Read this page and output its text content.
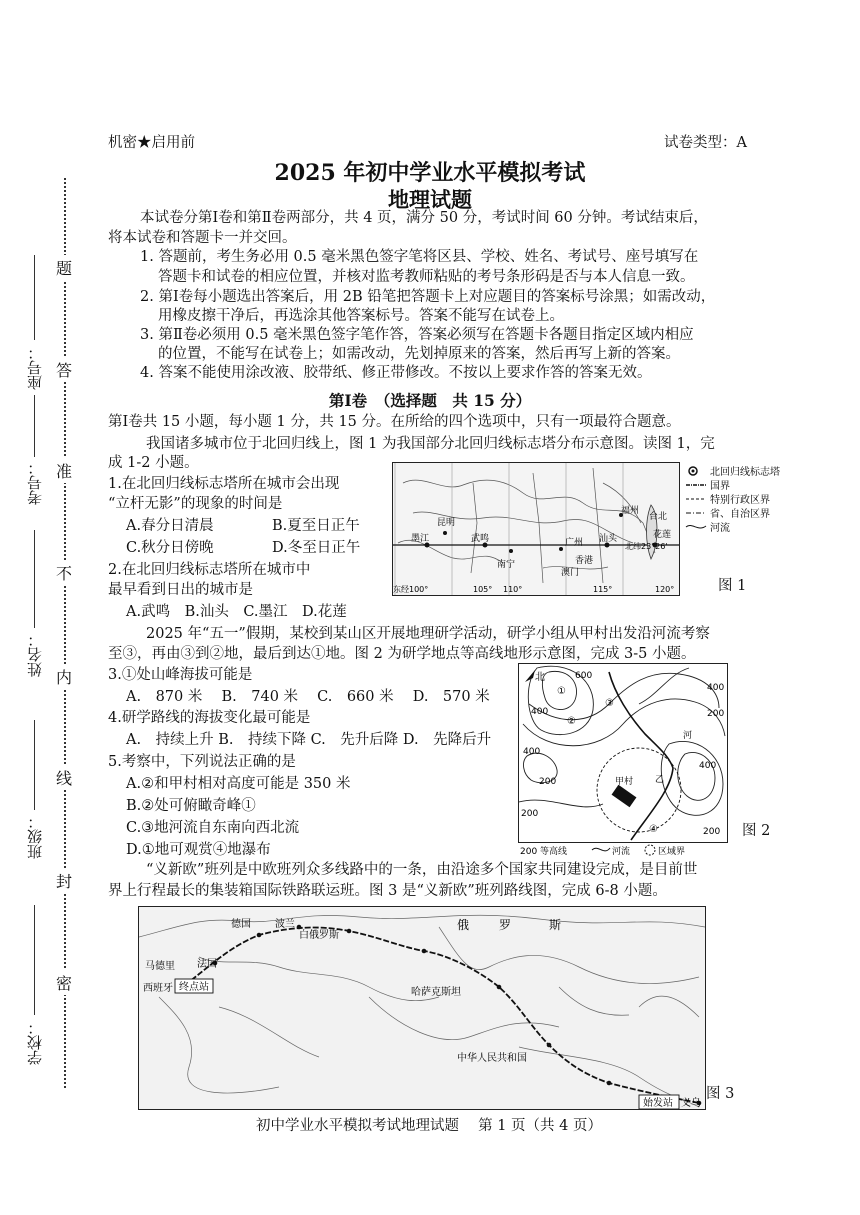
题
答
准
不
内
线
封
密
学校：
班级：
姓名：
考号：
座号：
机密★启用前	试卷类型：A
2025 年初中学业水平模拟考试
地理试题
本试卷分第Ⅰ卷和第Ⅱ卷两部分，共 4 页，满分 50 分，考试时间 60 分钟。考试结束后，
将本试卷和答题卡一并交回。
1. 答题前，考生务必用 0.5 毫米黑色签字笔将区县、学校、姓名、考试号、座号填写在
答题卡和试卷的相应位置，并核对监考教师粘贴的考号条形码是否与本人信息一致。
2. 第Ⅰ卷每小题选出答案后，用 2B 铅笔把答题卡上对应题目的答案标号涂黑；如需改动，
用橡皮擦干净后，再选涂其他答案标号。答案不能写在试卷上。
3. 第Ⅱ卷必须用 0.5 毫米黑色签字笔作答，答案必须写在答题卡各题目指定区域内相应
的位置，不能写在试卷上；如需改动，先划掉原来的答案，然后再写上新的答案。
4. 答案不能使用涂改液、胶带纸、修正带修改。不按以上要求作答的答案无效。
第Ⅰ卷　（选择题　共 15 分）
第Ⅰ卷共 15 小题，每小题 1 分，共 15 分。在所给的四个选项中，只有一项最符合题意。
我国诸多城市位于北回归线上，图 1 为我国部分北回归线标志塔分布示意图。读图 1，完
成 1-2 小题。
1.在北回归线标志塔所在城市会出现
“立杆无影”的现象的时间是
A.春分日清晨	B.夏至日正午
C.秋分日傍晚	D.冬至日正午
2.在北回归线标志塔所在城市中
最早看到日出的城市是
A.武鸣　B.汕头　C.墨江　D.花莲
昆明
墨江	武鸣
南宁
广州 汕头
福州
台北
花莲
香港
澳门
北纬23°26'
东经100°	105° 110°	115°	120°
北回归线标志塔
国界
特别行政区界
省、自治区界
河流
图 1
2025 年“五一”假期，某校到某山区开展地理研学活动，研学小组从甲村出发沿河流考察
至③，再由③到②地，最后到达①地。图 2 为研学地点等高线地形示意图，完成 3-5 小题。
3.①处山峰海拔可能是
A.　870 米　 B.　740 米　 C.　660 米　 D.　570 米
4.研学路线的海拔变化最可能是
A.　持续上升 B.　持续下降 C.　先升后降 D.　先降后升
5.考察中，下列说法正确的是
A.②和甲村相对高度可能是 350 米
B.②处可俯瞰奇峰①
C.③地河流自东南向西北流
D.①地可观赏④地瀑布
北	600
400
400
400
200
200
400
200
200	甲村 乙
河
①
②
③
④
200 等高线	河流	区域界
图 2
“义新欧”班列是中欧班列众多线路中的一条，由沿途多个国家共同建设完成，是目前世
界上行程最长的集装箱国际铁路联运班。图 3 是“义新欧”班列路线图，完成 6-8 小题。
德国 波兰
白俄罗斯
俄 罗	斯
马德里 法国
西班牙 终点站	哈萨克斯坦
中华人民共和国
始发站 义乌
图 3
初中学业水平模拟考试地理试题　 第 1 页（共 4 页）
